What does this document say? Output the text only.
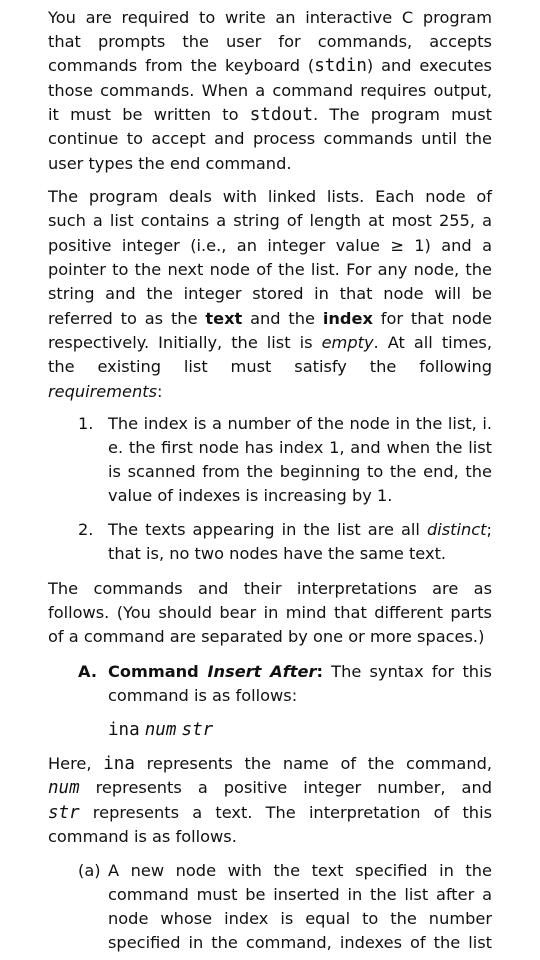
You are required to write an interactive C program
that prompts the user for commands, accepts
commands from the keyboard (stdin) and executes
those commands. When a command requires output,
it must be written to stdout. The program must
continue to accept and process commands until the
user types the end command.
The program deals with linked lists. Each node of
such a list contains a string of length at most 255, a
positive integer (i.e., an integer value ≥ 1) and a
pointer to the next node of the list. For any node, the
string and the integer stored in that node will be
referred to as the text and the index for that node
respectively. Initially, the list is empty. At all times,
the existing list must satisfy the following
requirements:
1. The index is a number of the node in the list, i.
e. the first node has index 1, and when the list
is scanned from the beginning to the end, the
value of indexes is increasing by 1.
2. The texts appearing in the list are all distinct;
that is, no two nodes have the same text.
The commands and their interpretations are as
follows. (You should bear in mind that different parts
of a command are separated by one or more spaces.)
A. Command Insert After: The syntax for this
command is as follows:
ina num str
Here, ina represents the name of the command,
num represents a positive integer number, and
str represents a text. The interpretation of this
command is as follows.
(a) A new node with the text specified in the
command must be inserted in the list after a
node whose index is equal to the number
specified in the command, indexes of the list
